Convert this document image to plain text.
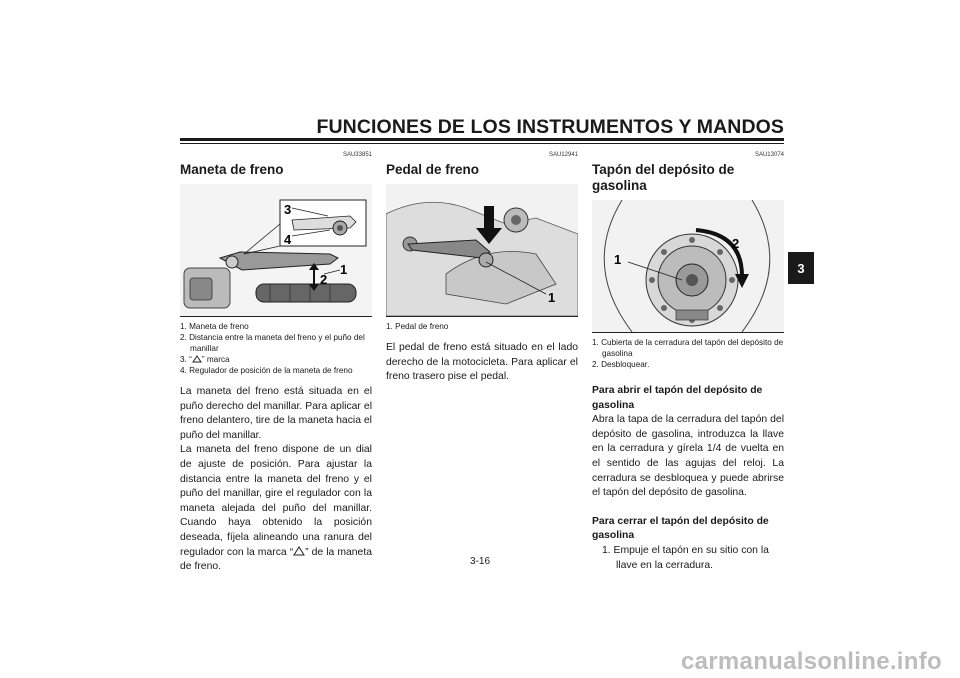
FUNCIONES DE LOS INSTRUMENTOS Y MANDOS
3
SAU33851
Maneta de freno
3
4
1
2
1. Maneta de freno
2. Distancia entre la maneta del freno y el puño del manillar
3. “ ” marca
4. Regulador de posición de la maneta de freno
La maneta del freno está situada en el puño derecho del manillar. Para aplicar el freno delantero, tire de la maneta hacia el puño del manillar.
La maneta del freno dispone de un dial de ajuste de posición. Para ajustar la distancia entre la maneta del freno y el puño del manillar, gire el regulador con la maneta alejada del puño del manillar. Cuando haya obtenido la posición deseada, fíjela alineando una ranura del regulador con la marca “ ” de la maneta de freno.
SAU12941
Pedal de freno
1
1. Pedal de freno
El pedal de freno está situado en el lado derecho de la motocicleta. Para aplicar el freno trasero pise el pedal.
SAU13074
Tapón del depósito de gasolina
1
2
1. Cubierta de la cerradura del tapón del depósito de gasolina
2. Desbloquear.
Para abrir el tapón del depósito de gasolina
Abra la tapa de la cerradura del tapón del depósito de gasolina, introduzca la llave en la cerradura y gírela 1/4 de vuelta en el sentido de las agujas del reloj. La cerradura se desbloquea y puede abrirse el tapón del depósito de gasolina.
Para cerrar el tapón del depósito de gasolina
1. Empuje el tapón en su sitio con la llave en la cerradura.
3-16
carmanualsonline.info
